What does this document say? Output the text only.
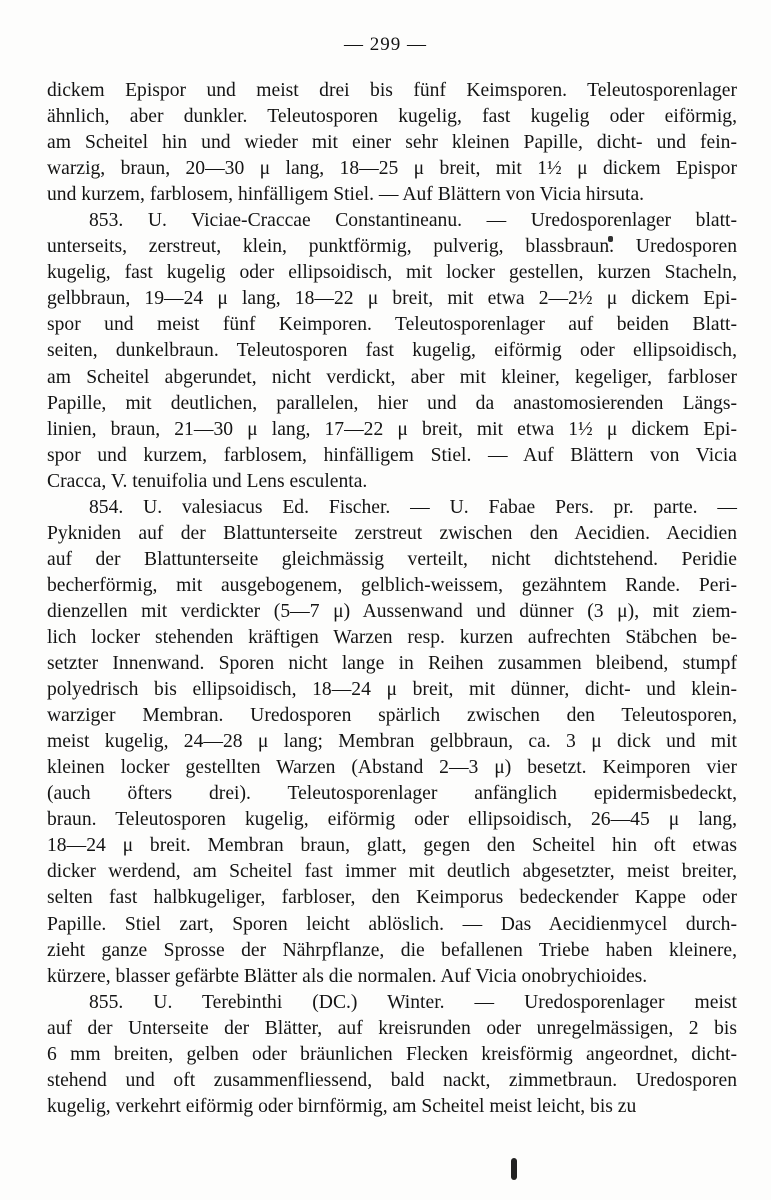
— 299 —
dickem Epispor und meist drei bis fünf Keimsporen. Teleutosporenlager
ähnlich, aber dunkler. Teleutosporen kugelig, fast kugelig oder eiförmig,
am Scheitel hin und wieder mit einer sehr kleinen Papille, dicht- und fein-
warzig, braun, 20—30 μ lang, 18—25 μ breit, mit 1½ μ dickem Epispor
und kurzem, farblosem, hinfälligem Stiel. — Auf Blättern von Vicia hirsuta.
853. U. Viciae-Craccae Constantineanu. — Uredosporenlager blatt-
unterseits, zerstreut, klein, punktförmig, pulverig, blassbraun. Uredosporen
kugelig, fast kugelig oder ellipsoidisch, mit locker gestellen, kurzen Stacheln,
gelbbraun, 19—24 μ lang, 18—22 μ breit, mit etwa 2—2½ μ dickem Epi-
spor und meist fünf Keimporen. Teleutosporenlager auf beiden Blatt-
seiten, dunkelbraun. Teleutosporen fast kugelig, eiförmig oder ellipsoidisch,
am Scheitel abgerundet, nicht verdickt, aber mit kleiner, kegeliger, farbloser
Papille, mit deutlichen, parallelen, hier und da anastomosierenden Längs-
linien, braun, 21—30 μ lang, 17—22 μ breit, mit etwa 1½ μ dickem Epi-
spor und kurzem, farblosem, hinfälligem Stiel. — Auf Blättern von Vicia
Cracca, V. tenuifolia und Lens esculenta.
854. U. valesiacus Ed. Fischer. — U. Fabae Pers. pr. parte. —
Pykniden auf der Blattunterseite zerstreut zwischen den Aecidien. Aecidien
auf der Blattunterseite gleichmässig verteilt, nicht dichtstehend. Peridie
becherförmig, mit ausgebogenem, gelblich-weissem, gezähntem Rande. Peri-
dienzellen mit verdickter (5—7 μ) Aussenwand und dünner (3 μ), mit ziem-
lich locker stehenden kräftigen Warzen resp. kurzen aufrechten Stäbchen be-
setzter Innenwand. Sporen nicht lange in Reihen zusammen bleibend, stumpf
polyedrisch bis ellipsoidisch, 18—24 μ breit, mit dünner, dicht- und klein-
warziger Membran. Uredosporen spärlich zwischen den Teleutosporen,
meist kugelig, 24—28 μ lang; Membran gelbbraun, ca. 3 μ dick und mit
kleinen locker gestellten Warzen (Abstand 2—3 μ) besetzt. Keimporen vier
(auch öfters drei). Teleutosporenlager anfänglich epidermisbedeckt,
braun. Teleutosporen kugelig, eiförmig oder ellipsoidisch, 26—45 μ lang,
18—24 μ breit. Membran braun, glatt, gegen den Scheitel hin oft etwas
dicker werdend, am Scheitel fast immer mit deutlich abgesetzter, meist breiter,
selten fast halbkugeliger, farbloser, den Keimporus bedeckender Kappe oder
Papille. Stiel zart, Sporen leicht ablöslich. — Das Aecidienmycel durch-
zieht ganze Sprosse der Nährpflanze, die befallenen Triebe haben kleinere,
kürzere, blasser gefärbte Blätter als die normalen. Auf Vicia onobrychioides.
855. U. Terebinthi (DC.) Winter. — Uredosporenlager meist
auf der Unterseite der Blätter, auf kreisrunden oder unregelmässigen, 2 bis
6 mm breiten, gelben oder bräunlichen Flecken kreisförmig angeordnet, dicht-
stehend und oft zusammenfliessend, bald nackt, zimmetbraun. Uredosporen
kugelig, verkehrt eiförmig oder birnförmig, am Scheitel meist leicht, bis zu
